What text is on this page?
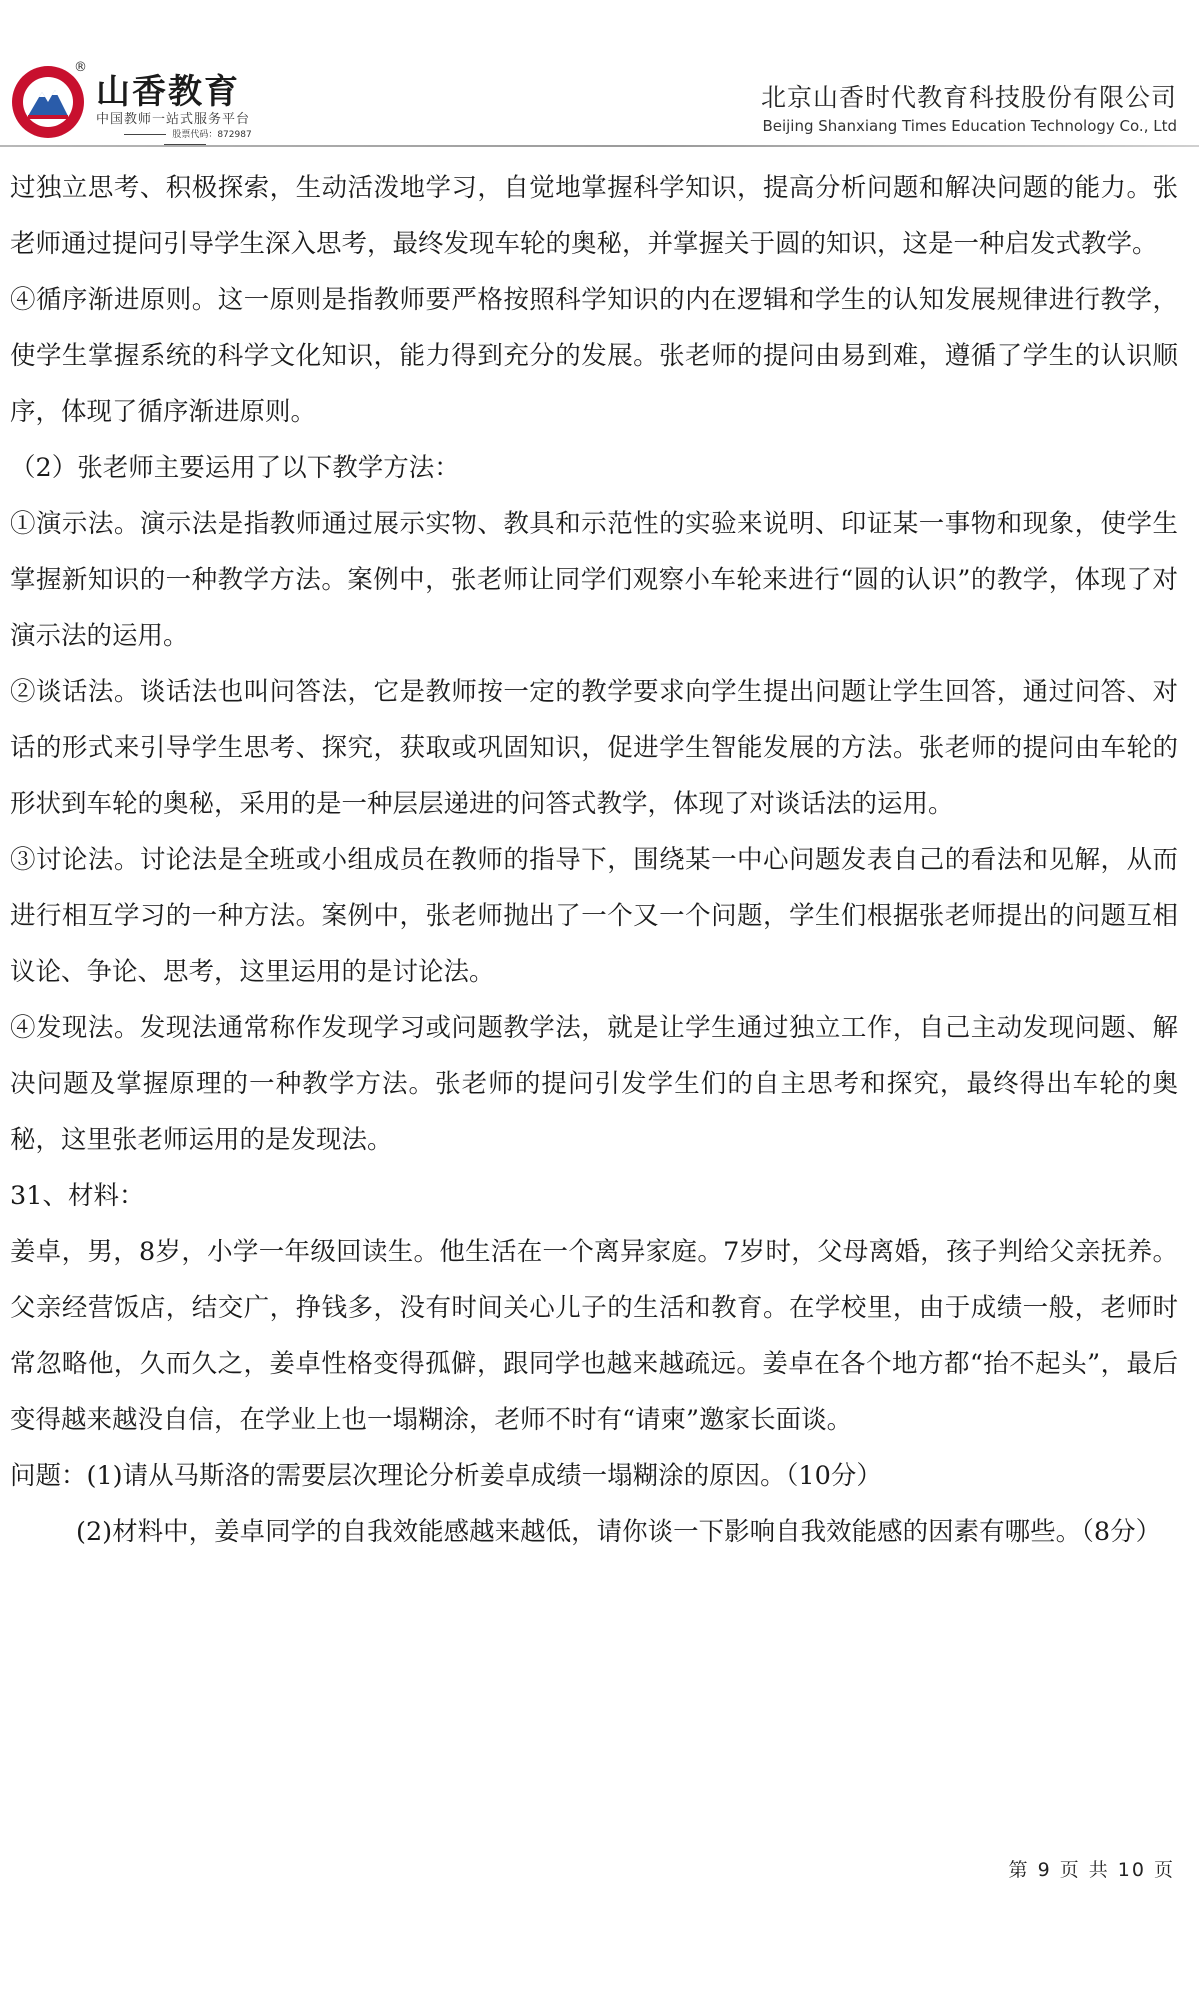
®
山香教育
中国教师一站式服务平台
股票代码：872987
北京山香时代教育科技股份有限公司
Beijing Shanxiang Times Education Technology Co., Ltd

过独立思考、积极探索，生动活泼地学习，自觉地掌握科学知识，提高分析问题和解决问题的能力。张老师通过提问引导学生深入思考，最终发现车轮的奥秘，并掌握关于圆的知识，这是一种启发式教学。

④循序渐进原则。这一原则是指教师要严格按照科学知识的内在逻辑和学生的认知发展规律进行教学，使学生掌握系统的科学文化知识，能力得到充分的发展。张老师的提问由易到难，遵循了学生的认识顺序，体现了循序渐进原则。

（2）张老师主要运用了以下教学方法：

①演示法。演示法是指教师通过展示实物、教具和示范性的实验来说明、印证某一事物和现象，使学生掌握新知识的一种教学方法。案例中，张老师让同学们观察小车轮来进行“圆的认识”的教学，体现了对演示法的运用。

②谈话法。谈话法也叫问答法，它是教师按一定的教学要求向学生提出问题让学生回答，通过问答、对话的形式来引导学生思考、探究，获取或巩固知识，促进学生智能发展的方法。张老师的提问由车轮的形状到车轮的奥秘，采用的是一种层层递进的问答式教学，体现了对谈话法的运用。

③讨论法。讨论法是全班或小组成员在教师的指导下，围绕某一中心问题发表自己的看法和见解，从而进行相互学习的一种方法。案例中，张老师抛出了一个又一个问题，学生们根据张老师提出的问题互相议论、争论、思考，这里运用的是讨论法。

④发现法。发现法通常称作发现学习或问题教学法，就是让学生通过独立工作，自己主动发现问题、解决问题及掌握原理的一种教学方法。张老师的提问引发学生们的自主思考和探究，最终得出车轮的奥秘，这里张老师运用的是发现法。

31、材料：

姜卓，男，8岁，小学一年级回读生。他生活在一个离异家庭。7岁时，父母离婚，孩子判给父亲抚养。父亲经营饭店，结交广，挣钱多，没有时间关心儿子的生活和教育。在学校里，由于成绩一般，老师时常忽略他，久而久之，姜卓性格变得孤僻，跟同学也越来越疏远。姜卓在各个地方都“抬不起头”，最后变得越来越没自信，在学业上也一塌糊涂，老师不时有“请柬”邀家长面谈。

问题：(1)请从马斯洛的需要层次理论分析姜卓成绩一塌糊涂的原因。（10分）

(2)材料中，姜卓同学的自我效能感越来越低，请你谈一下影响自我效能感的因素有哪些。（8分）

第 9 页 共 10 页
